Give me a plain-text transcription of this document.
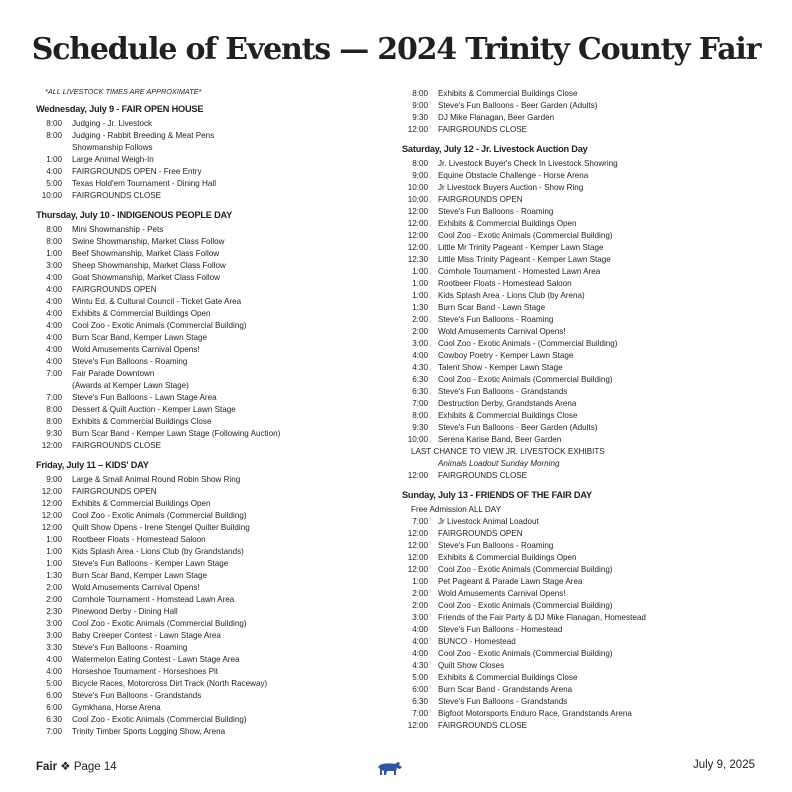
Schedule of Events — 2024 Trinity County Fair
*ALL LIVESTOCK TIMES ARE APPROXIMATE*
Wednesday, July 9 - FAIR OPEN HOUSE
8:00	Judging - Jr. Livestock
8:00	Judging - Rabbit Breeding & Meat Pens
Showmanship Follows
1:00	Large Animal Weigh-In
4:00	FAIRGROUNDS OPEN - Free Entry
5:00	Texas Hold'em Tournament - Dining Hall
10:00	FAIRGROUNDS CLOSE
Thursday, July 10 - INDIGENOUS PEOPLE DAY
8:00	Mini Showmanship - Pets
8:00	Swine Showmanship, Market Class Follow
1:00	Beef Showmanship, Market Class Follow
3:00	Sheep Showmanship, Market Class Follow
4:00	Goat Showmanship, Market Class Follow
4:00	FAIRGROUNDS OPEN
4:00	Wintu Ed. & Cultural Council - Ticket Gate Area
4:00	Exhibits & Commercial Buildings Open
4:00	Cool Zoo - Exotic Animals (Commercial Building)
4:00	Burn Scar Band, Kemper Lawn Stage
4:00	Wold Amusements Carnival Opens!
4:00	Steve's Fun Balloons - Roaming
7:00	Fair Parade Downtown
(Awards at Kemper Lawn Stage)
7:00	Steve's Fun Balloons - Lawn Stage Area
8:00	Dessert & Quilt Auction - Kemper Lawn Stage
8:00	Exhibits & Commercial Buildings Close
9:30	Burn Scar Band - Kemper Lawn Stage (Following Auction)
12:00	FAIRGROUNDS CLOSE
Friday, July 11 – KIDS' DAY
9:00	Large & Small Animal Round Robin Show Ring
12:00	FAIRGROUNDS OPEN
12:00	Exhibits & Commercial Buildings Open
12:00	Cool Zoo - Exotic Animals (Commercial Building)
12:00	Quilt Show Opens - Irene Stengel Quilter Building
1:00	Rootbeer Floats - Homestead Saloon
1:00	Kids Splash Area - Lions Club (by Grandstands)
1:00	Steve's Fun Balloons - Kemper Lawn Stage
1:30	Burn Scar Band, Kemper Lawn Stage
2:00	Wold Amusements Carnival Opens!
2:00	Cornhole Tournament - Homstead Lawn Area
2:30	Pinewood Derby - Dining Hall
3:00	Cool Zoo - Exotic Animals (Commercial Building)
3:00	Baby Creeper Contest - Lawn Stage Area
3:30	Steve's Fun Balloons - Roaming
4:00	Watermelon Eating Contest - Lawn Stage Area
4:00	Horseshoe Tournament - Horseshoes Pit
5:00	Bicycle Races, Motorcross Dirt Track (North Raceway)
6:00	Steve's Fun Balloons - Grandstands
6:00	Gymkhana, Horse Arena
6:30	Cool Zoo - Exotic Animals (Commercial Building)
7:00	Trinity Timber Sports Logging Show, Arena
8:00	Exhibits & Commercial Buildings Close
9:00	Steve's Fun Balloons - Beer Garden (Adults)
9:30	DJ Mike Flanagan, Beer Garden
12:00	FAIRGROUNDS CLOSE
Saturday, July 12 - Jr. Livestock Auction Day
8:00	Jr. Livestock Buyer's Check In Livestock Showring
9:00	Equine Obstacle Challenge - Horse Arena
10:00	Jr Livestock Buyers Auction - Show Ring
10:00	FAIRGROUNDS OPEN
12:00	Steve's Fun Balloons - Roaming
12:00	Exhibits & Commercial Buildings Open
12:00	Cool Zoo - Exotic Animals (Commercial Building)
12:00	Little Mr Trinity Pageant - Kemper Lawn Stage
12:30	Little Miss Trinity Pageant - Kemper Lawn Stage
1:00	Cornhole Tournament - Homested Lawn Area
1:00	Rootbeer Floats - Homestead Saloon
1:00	Kids Splash Area - Lions Club (by Arena)
1:30	Burn Scar Band - Lawn Stage
2:00	Steve's Fun Balloons - Roaming
2:00	Wold Amusements Carnival Opens!
3:00	Cool Zoo - Exotic Animals - (Commercial Building)
4:00	Cowboy Poetry - Kemper Lawn Stage
4:30	Talent Show - Kemper Lawn Stage
6:30	Cool Zoo - Exotic Animals (Commercial Building)
6:30	Steve's Fun Balloons - Grandstands
7:00	Destruction Derby, Grandstands Arena
8:00	Exhibits & Commercial Buildings Close
9:30	Steve's Fun Balloons - Beer Garden (Adults)
10:00	Serena Karise Band, Beer Garden
LAST CHANCE TO VIEW JR. LIVESTOCK EXHIBITS
Animals Loadout Sunday Morning
12:00	FAIRGROUNDS CLOSE
Sunday, July 13 - FRIENDS OF THE FAIR DAY
Free Admission ALL DAY
7:00	Jr Livestock Animal Loadout
12:00	FAIRGROUNDS OPEN
12:00	Steve's Fun Balloons - Roaming
12:00	Exhibits & Commercial Buildings Open
12:00	Cool Zoo - Exotic Animals (Commercial Building)
1:00	Pet Pageant & Parade Lawn Stage Area
2:00	Wold Amusements Carnival Opens!
2:00	Cool Zoo - Exotic Animals (Commercial Building)
3:00	Friends of the Fair Party & DJ Mike Flanagan, Homestead
4:00	Steve's Fun Balloons - Homestead
4:00	BUNCO - Homestead
4:00	Cool Zoo - Exotic Animals (Commercial Building)
4:30	Quilt Show Closes
5:00	Exhibits & Commercial Buildings Close
6:00	Burn Scar Band - Grandstands Arena
6:30	Steve's Fun Balloons - Grandstands
7:00	Bigfoot Motorsports Enduro Race, Grandstands Arena
12:00	FAIRGROUNDS CLOSE
Fair ❖ Page 14	July 9, 2025
